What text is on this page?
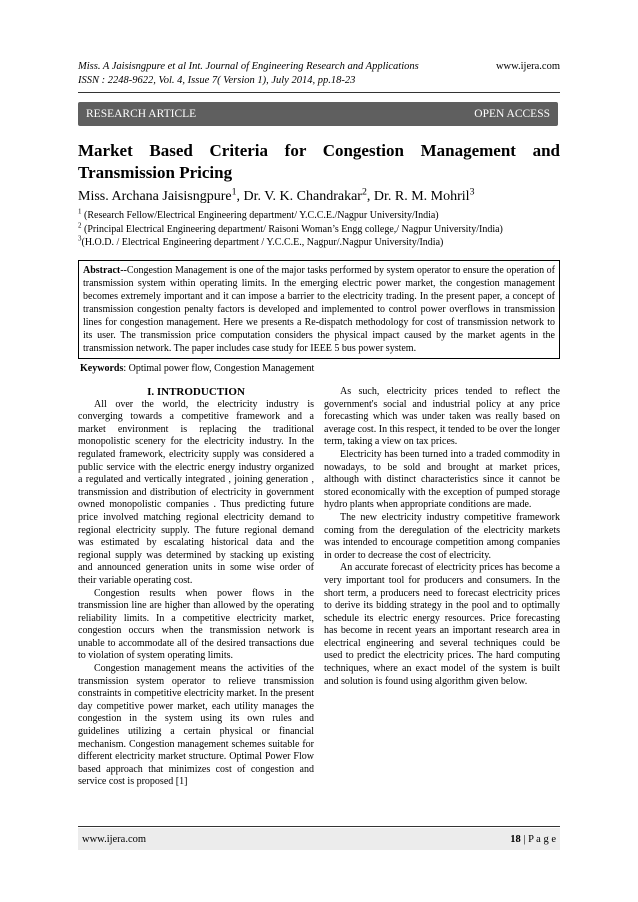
Miss. A Jaisisngpure et al Int. Journal of Engineering Research and Applications
ISSN : 2248-9622, Vol. 4, Issue 7( Version 1), July 2014, pp.18-23
www.ijera.com
RESEARCH ARTICLE	OPEN ACCESS
Market Based Criteria for Congestion Management and Transmission Pricing
Miss. Archana Jaisisngpure$^1$, Dr. V. K. Chandrakar$^2$, Dr. R. M. Mohril$^3$
$^1$ (Research Fellow/Electrical Engineering department/ Y.C.C.E./Nagpur University/India)
$^2$ (Principal Electrical Engineering department/ Raisoni Woman’s Engg college,/ Nagpur University/India)
$^3$(H.O.D. / Electrical Engineering department / Y.C.C.E., Nagpur/.Nagpur University/India)
Abstract--Congestion Management is one of the major tasks performed by system operator to ensure the operation of transmission system within operating limits. In the emerging electric power market, the congestion management becomes extremely important and it can impose a barrier to the electricity trading. In the present paper, a concept of transmission congestion penalty factors is developed and implemented to control power overflows in transmission lines for congestion management. Here we presents a Re-dispatch methodology for cost of transmission network to its user. The transmission price computation considers the physical impact caused by the market agents in the transmission network. The paper includes case study for IEEE 5 bus power system.
Keywords: Optimal power flow, Congestion Management

I. INTRODUCTION

All over the world, the electricity industry is converging towards a competitive framework and a market environment is replacing the traditional monopolistic scenery for the electricity industry. In the regulated framework, electricity supply was considered a public service with the electric energy industry organized a regulated and vertically integrated , joining generation , transmission and distribution of electricity in government owned monopolistic companies . Thus predicting future price involved matching regional electricity demand to regional electricity supply. The future regional demand was estimated by escalating historical data and the regional supply was determined by stacking up existing and announced generation units in some wise order of their variable operating cost.

Congestion results when power flows in the transmission line are higher than allowed by the operating reliability limits. In a competitive electricity market, congestion occurs when the transmission network is unable to accommodate all of the desired transactions due to violation of system operating limits.

Congestion management means the activities of the transmission system operator to relieve transmission constraints in competitive electricity market. In the present day competitive power market, each utility manages the congestion in the system using its own rules and guidelines utilizing a certain physical or financial mechanism. Congestion management schemes suitable for different electricity market structure. Optimal Power Flow based approach that minimizes cost of congestion and service cost is proposed [1]

As such, electricity prices tended to reflect the government's social and industrial policy at any price forecasting which was under taken was really based on average cost. In this respect, it tended to be over the longer term, taking a view on tax prices.

Electricity has been turned into a traded commodity in nowadays, to be sold and brought at market prices, although with distinct characteristics since it cannot be stored economically with the exception of pumped storage hydro plants when appropriate conditions are made.

The new electricity industry competitive framework coming from the deregulation of the electricity markets was intended to encourage competition among companies in order to decrease the cost of electricity.

An accurate forecast of electricity prices has become a very important tool for producers and consumers. In the short term, a producers need to forecast electricity prices to derive its bidding strategy in the pool and to optimally schedule its electric energy resources. Price forecasting has become in recent years an important research area in electrical engineering and several techniques could be used to predict the electricity prices. The hard computing techniques, where an exact model of the system is built and solution is found using algorithm given below.

www.ijera.com	18 | P a g e
